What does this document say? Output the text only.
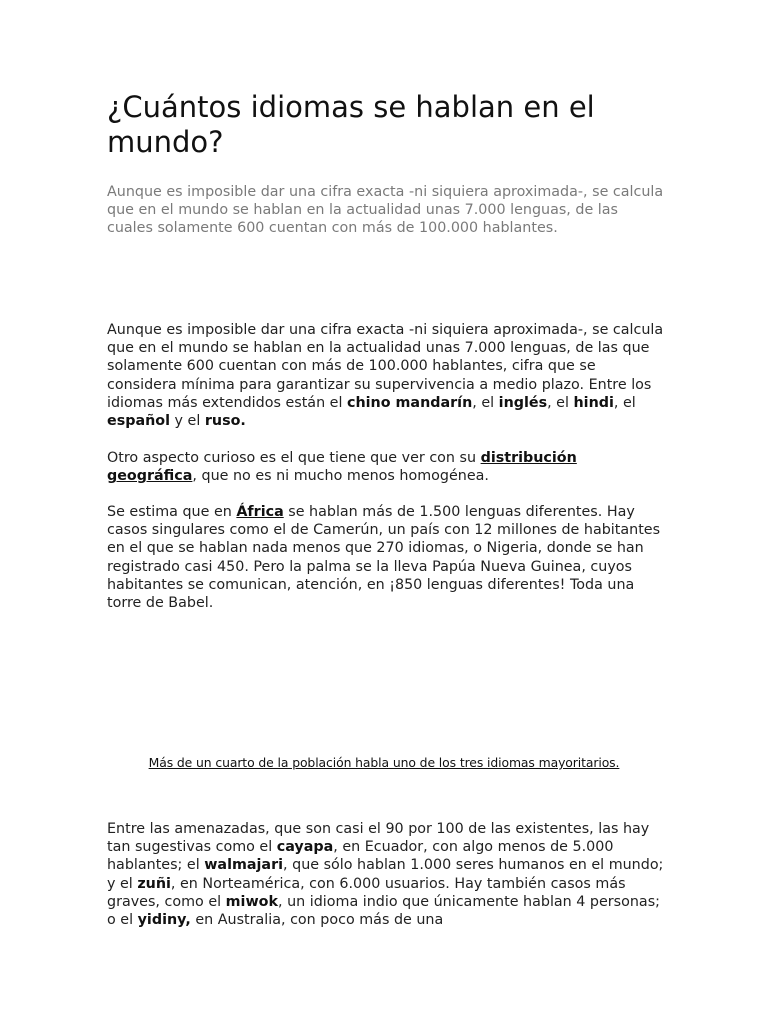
¿Cuántos idiomas se hablan en el
mundo?

Aunque es imposible dar una cifra exacta -ni siquiera aproximada-, se calcula que en el mundo se hablan en la actualidad unas 7.000 lenguas, de las cuales solamente 600 cuentan con más de 100.000 hablantes.

Aunque es imposible dar una cifra exacta -ni siquiera aproximada-, se calcula que en el mundo se hablan en la actualidad unas 7.000 lenguas, de las que solamente 600 cuentan con más de 100.000 hablantes, cifra que se considera mínima para garantizar su supervivencia a medio plazo. Entre los idiomas más extendidos están el chino mandarín, el inglés, el hindi, el español y el ruso.

Otro aspecto curioso es el que tiene que ver con su distribución geográfica, que no es ni mucho menos homogénea.

Se estima que en África se hablan más de 1.500 lenguas diferentes. Hay casos singulares como el de Camerún, un país con 12 millones de habitantes en el que se hablan nada menos que 270 idiomas, o Nigeria, donde se han registrado casi 450. Pero la palma se la lleva Papúa Nueva Guinea, cuyos habitantes se comunican, atención, en ¡850 lenguas diferentes! Toda una torre de Babel.

Entre las amenazadas, que son casi el 90 por 100 de las existentes, las hay tan sugestivas como el cayapa, en Ecuador, con algo menos de 5.000 hablantes; el walmajari, que sólo hablan 1.000 seres humanos en el mundo; y el zuñi, en Norteamérica, con 6.000 usuarios. Hay también casos más graves, como el miwok, un idioma indio que únicamente hablan 4 personas; o el yidiny, en Australia, con poco más de una

Más de un cuarto de la población habla uno de los tres idiomas mayoritarios.
